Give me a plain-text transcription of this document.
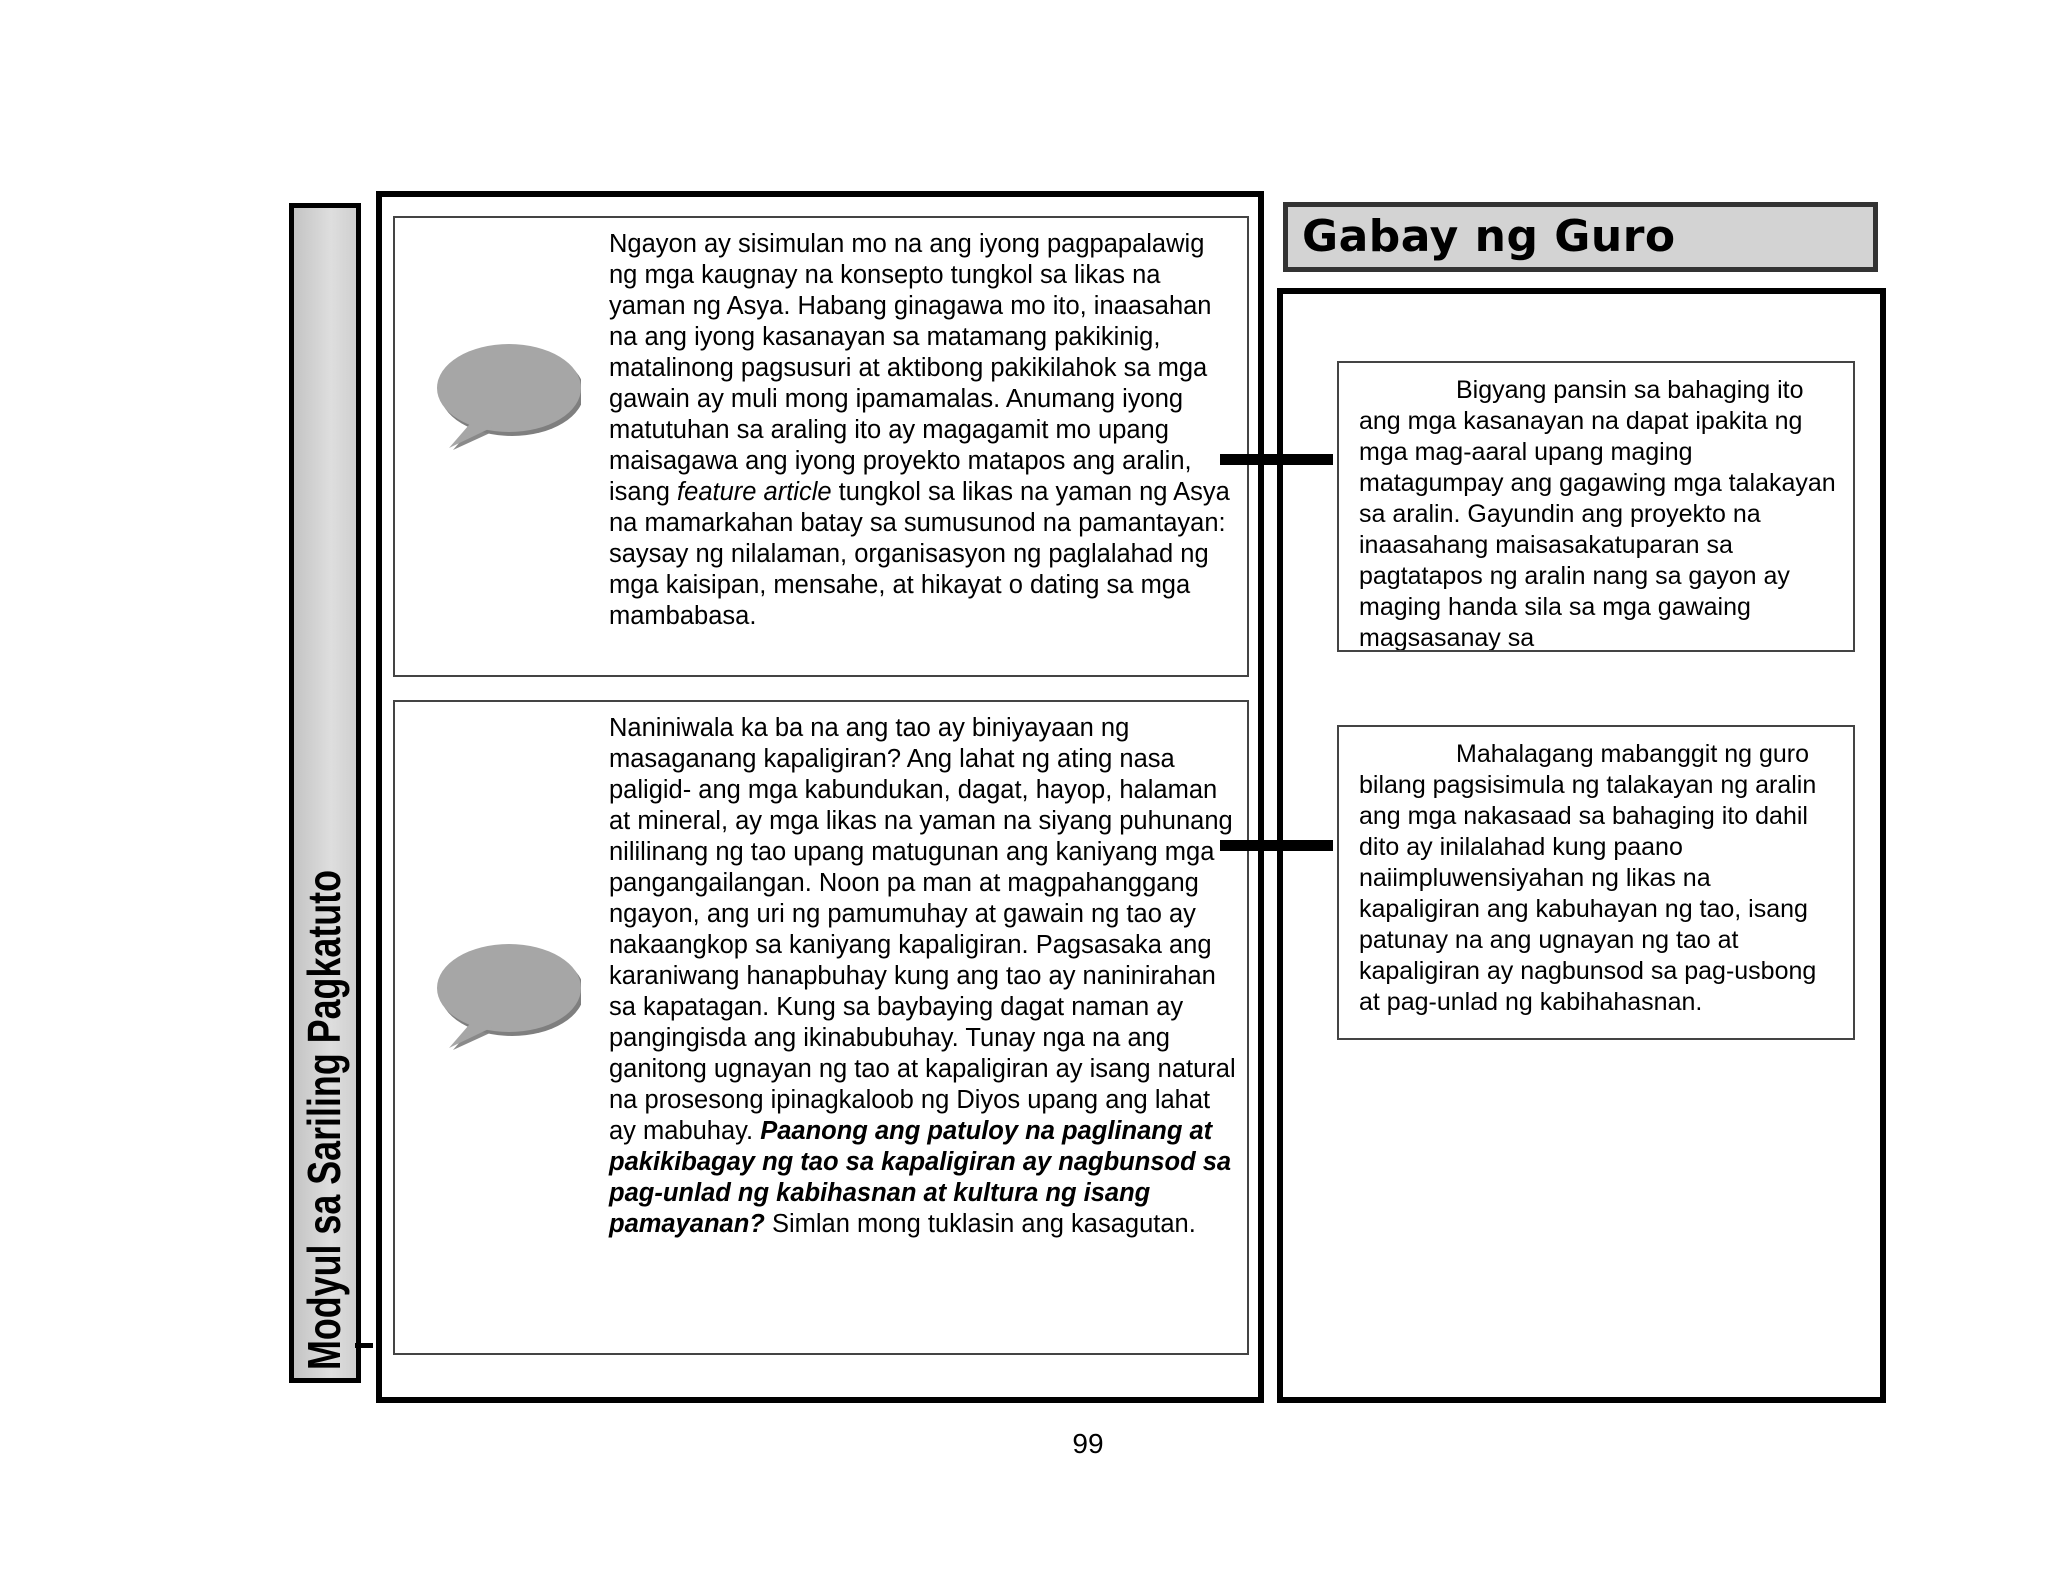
Modyul sa Sariling Pagkatuto
Ngayon ay sisimulan mo na ang iyong pagpapalawig ng mga kaugnay na konsepto tungkol sa likas na yaman ng Asya. Habang ginagawa mo ito, inaasahan na ang iyong kasanayan sa matamang pakikinig, matalinong pagsusuri at aktibong pakikilahok sa mga gawain ay muli mong ipamamalas. Anumang iyong matutuhan sa araling ito ay magagamit mo upang maisagawa ang iyong proyekto matapos ang aralin, isang feature article tungkol sa likas na yaman ng Asya na mamarkahan batay sa sumusunod na pamantayan: saysay ng nilalaman, organisasyon ng paglalahad ng mga kaisipan, mensahe, at hikayat o dating sa mga mambabasa.
Naniniwala ka ba na ang tao ay biniyayaan ng masaganang kapaligiran? Ang lahat ng ating nasa paligid- ang mga kabundukan, dagat, hayop, halaman at mineral, ay mga likas na yaman na siyang puhunang nililinang ng tao upang matugunan ang kaniyang mga pangangailangan. Noon pa man at magpahanggang ngayon, ang uri ng pamumuhay at gawain ng tao ay nakaangkop sa kaniyang kapaligiran. Pagsasaka ang karaniwang hanapbuhay kung ang tao ay naninirahan sa kapatagan. Kung sa baybaying dagat naman ay pangingisda ang ikinabubuhay. Tunay nga na ang ganitong ugnayan ng tao at kapaligiran ay isang natural na prosesong ipinagkaloob ng Diyos upang ang lahat ay mabuhay. Paanong ang patuloy na paglinang at pakikibagay ng tao sa kapaligiran ay nagbunsod sa pag-unlad ng kabihasnan at kultura ng isang pamayanan? Simlan mong tuklasin ang kasagutan.
Gabay ng Guro
Bigyang pansin sa bahaging ito ang mga kasanayan na dapat ipakita ng mga mag-aaral upang maging matagumpay ang gagawing mga talakayan sa aralin. Gayundin ang proyekto na inaasahang maisasakatuparan sa pagtatapos ng aralin nang sa gayon ay maging handa sila sa mga gawaing magsasanay sa
Mahalagang mabanggit ng guro bilang pagsisimula ng talakayan ng aralin ang mga nakasaad sa bahaging ito dahil dito ay inilalahad kung paano naiimpluwensiyahan ng likas na kapaligiran ang kabuhayan ng tao, isang patunay na ang ugnayan ng tao at kapaligiran ay nagbunsod sa pag-usbong at pag-unlad ng kabihahasnan.
99
